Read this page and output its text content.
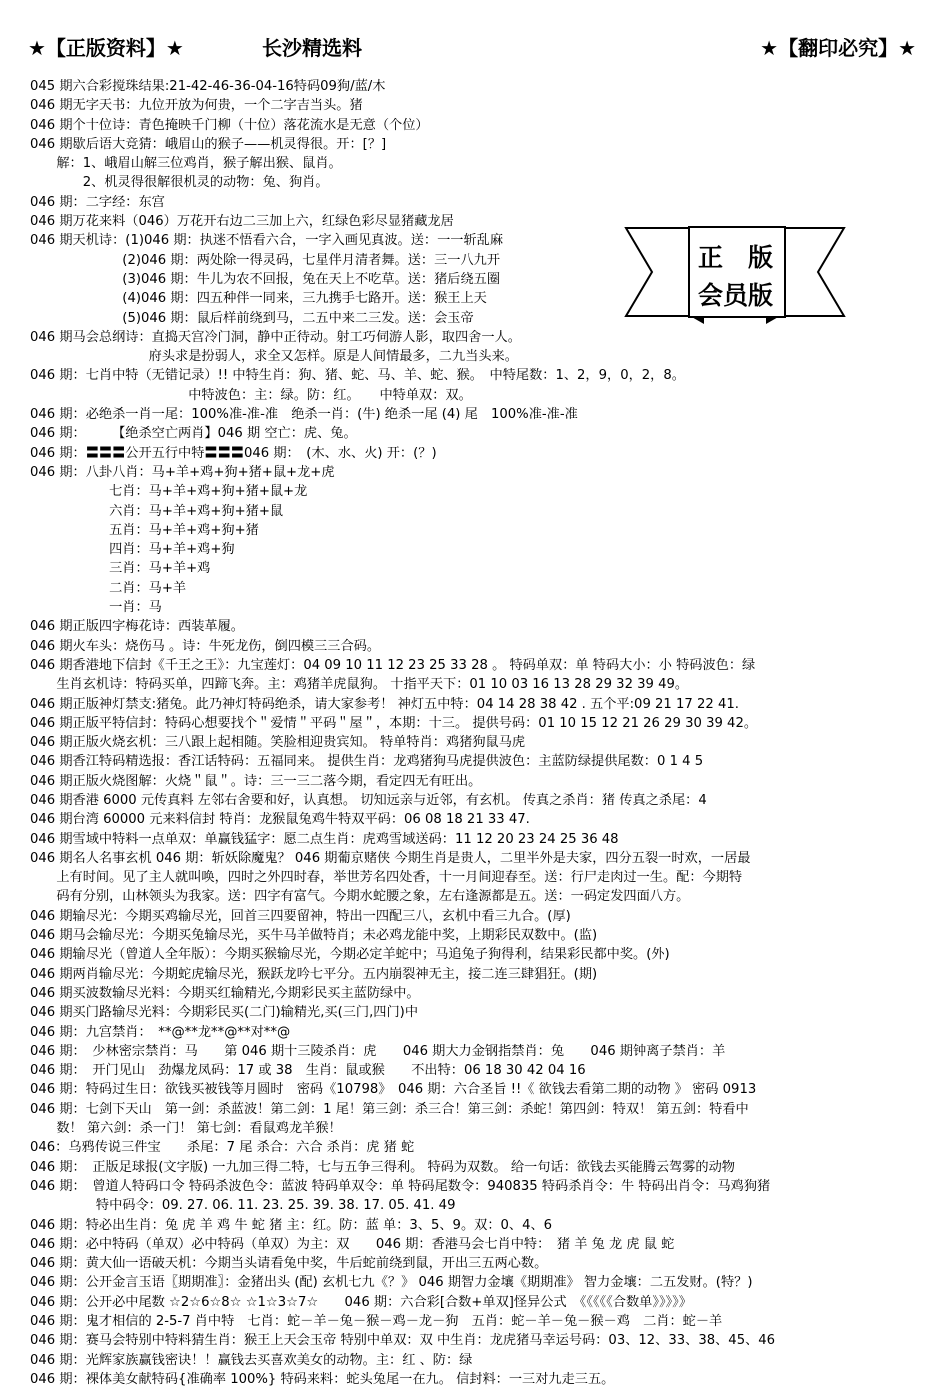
★【正版资料】★	长沙精选料	★【翻印必究】★
045 期六合彩搅珠结果:21-42-46-36-04-16特码09狗/蓝/木
046 期无字天书：九位开放为何贵，一个二字吉当头。猪
046 期个十位诗：青色掩映千门柳（十位）落花流水是无意（个位）
046 期歇后语大竞猜：峨眉山的猴子——机灵得很。开：[？]
　　解：1、峨眉山解三位鸡肖，猴子解出猴、鼠肖。
　　　　2、机灵得很解很机灵的动物：兔、狗肖。
046 期：二字经：东宫
046 期万花来料（046）万花开右边二三加上六，红绿色彩尽显猪藏龙居
046 期天机诗：(1)046 期：执迷不悟看六合，一字入画见真波。送：一一斩乱麻
　　　　　　　(2)046 期：两处除一得灵码，七星伴月清者舞。送：三一八九开
　　　　　　　(3)046 期：牛儿为农不回报，兔在天上不吃草。送：猪后绕五圈
　　　　　　　(4)046 期：四五种伴一同来，三九携手七路开。送：猴王上天
　　　　　　　(5)046 期：鼠后样前绕到马，二五中来二三发。送：会玉帝
046 期马会总纲诗：直捣天宫冷门洞，静中正待动。射工巧伺游人影，取四舍一人。
　　　　　　　　　府头求是扮弱人，求全又怎样。原是人间情最多，二九当头来。
046 期：七肖中特（无错记录）!! 中特生肖：狗、猪、蛇、马、羊、蛇、猴。　中特尾数：1、2，9，0，2，8。
　　　　　　　　　　　　中特波色：主：绿。防：红。　　中特单双：双。
046 期：必绝杀一肖一尾：100%准-准-准　绝杀一肖：(牛) 绝杀一尾 (4) 尾　100%准-准-准
046 期：　　　【绝杀空亡两肖】046 期 空亡：虎、兔。
046 期：〓〓〓公开五行中特〓〓〓046 期：　(木、水、火) 开：(？)
046 期：八卦八肖：马+羊+鸡+狗+猪+鼠+龙+虎
　　　　　　七肖：马+羊+鸡+狗+猪+鼠+龙
　　　　　　六肖：马+羊+鸡+狗+猪+鼠
　　　　　　五肖：马+羊+鸡+狗+猪
　　　　　　四肖：马+羊+鸡+狗
　　　　　　三肖：马+羊+鸡
　　　　　　二肖：马+羊
　　　　　　一肖：马
046 期正版四字梅花诗：西装革履。
046 期火车头：烧伤马 。诗：牛死龙伤，倒四模三三合码。
046 期香港地下信封《千王之王》：九宝莲灯：04 09 10 11 12 23 25 33 28 。 特码单双：单 特码大小：小 特码波色：绿
　　生肖玄机诗：特码买单，四蹄飞奔。主：鸡猪羊虎鼠狗。 十指平天下：01 10 03 16 13 28 29 32 39 49。
046 期正版神灯禁支:猪兔。此乃神灯特码绝杀，请大家参考！ 神灯五中特：04 14 28 38 42 . 五个平:09 21 17 22 41.
046 期正版平特信封：特码心想要找个＂爱情＂平码＂屋＂，本期：十三。 提供号码：01 10 15 12 21 26 29 30 39 42。
046 期正版火烧玄机：三八跟上起相随。笑脸相迎贵宾知。 特单特肖：鸡猪狗鼠马虎
046 期香江特码精选报：香江话特码：五福同来。 提供生肖：龙鸡猪狗马虎提供波色：主蓝防绿提供尾数：0 1 4 5
046 期正版火烧图解：火烧＂鼠＂。诗：三一三二落今期，看定四无有旺出。
046 期香港 6000 元传真料 左邻右舍要和好，认真想。 切知远亲与近邻，有玄机。 传真之杀肖：猪 传真之杀尾：4
046 期台湾 60000 元来料信封 特肖：龙猴鼠兔鸡牛特双平码：06 08 18 21 33 47.
046 期雪域中特料一点单双：单赢钱猛字：愿二点生肖：虎鸡雪域送码：11 12 20 23 24 25 36 48
046 期名人名事玄机 046 期：斩妖除魔鬼？ 046 期葡京赌侠 今期生肖是贵人，二里半外是夫家，四分五裂一时欢，一居最
　　上有时间。见了主人就叫唤，四时之外四时春，举世芳名四处香，十一月间迎春至。送：行尸走肉过一生。配：今期特
　　码有分别，山林领头为我家。送：四字有富气。今期水蛇腰之象，左右逢源都是五。送：一码定发四面八方。
046 期输尽光：今期买鸡输尽光，回首三四要留神，特出一四配三八，玄机中看三九合。(厚)
046 期马会输尽光：今期买兔输尽光，买牛马羊做特肖；未必鸡龙能中奖，上期彩民双数中。(监)
046 期输尽光（曾道人全年版）：今期买猴输尽光，今期必定羊蛇中；马追兔子狗得利，结果彩民都中奖。(外)
046 期两肖输尽光：今期蛇虎输尽光，猴跃龙吟七平分。五内崩裂神无主，接二连三肆猖狂。(期)
046 期买波数输尽光料：今期买红输精光,今期彩民买主蓝防绿中。
046 期买门路输尽光料：今期彩民买(二门)输精光,买(三门,四门)中
046 期：九宫禁肖：　**@**龙**@**对**@
046 期：　少林密宗禁肖：马　　第 046 期十三陵杀肖：虎　　046 期大力金钢指禁肖：兔　　046 期钟离子禁肖：羊
046 期：　开门见山　劲爆龙凤码：17 或 38　生肖：鼠或猴　　不出特：06 18 30 42 04 16
046 期：特码过生日：欲钱买被钱等月圆时　密码《10798》　046 期：六合圣旨 !!《 欲钱去看第二期的动物 》 密码 0913
046 期：七剑下天山　第一剑：杀蓝波！第二剑：1 尾！第三剑：杀三合！第三剑：杀蛇！第四剑：特双！ 第五剑：特看中
　　数！ 第六剑：杀一门！ 第七剑：看鼠鸡龙羊猴！
046：乌鸦传说三件宝　　杀尾：7 尾 杀合：六合 杀肖：虎 猪 蛇
046 期：　正版足球报(文字版) 一九加三得二特，七与五争三得利。 特码为双数。 给一句话：欲钱去买能腾云驾雾的动物
046 期：　曾道人特码口令 特码杀波色令：蓝波 特码单双令：单 特码尾数令：940835 特码杀肖令：牛 特码出肖令：马鸡狗猪
　　　　　特中码令：09. 27. 06. 11. 23. 25. 39. 38. 17. 05. 41. 49
046 期：特必出生肖：兔 虎 羊 鸡 牛 蛇 猪 主：红。防：蓝 单：3、5、9。双：0、4、6
046 期：必中特码（单双）必中特码（单双）为主：双　　046 期：香港马会七肖中特：　猪 羊 兔 龙 虎 鼠 蛇
046 期：黄大仙一语破天机：今期当头请看兔中奖，牛后蛇前绕到鼠，开出三五两心数。
046 期：公开金言玉语〖期期准〗：金猪出头 (配) 玄机七九《？》 046 期智力金壤《期期准》 智力金壤：二五发财。(特？)
046 期：公开必中尾数 ☆2☆6☆8☆ ☆1☆3☆7☆　　046 期：六合彩[合数+单双]怪异公式　《《《《《合数单》》》》》
046 期：鬼才相信的 2-5-7 肖中特　七肖：蛇－羊－兔－猴－鸡－龙－狗　五肖：蛇－羊－兔－猴－鸡　二肖：蛇－羊
046 期：赛马会特别中特料猜生肖：猴王上天会玉帝 特别中单双：双 中生肖：龙虎猪马幸运号码：03、12、33、38、45、46
046 期：光辉家族赢钱密诀！！赢钱去买喜欢美女的动物。主：红 、防：绿
046 期：裸体美女献特码{准确率 100%} 特码来料：蛇头兔尾一在九。 信封料：一三对九走三五。
正 版
会 员 版
